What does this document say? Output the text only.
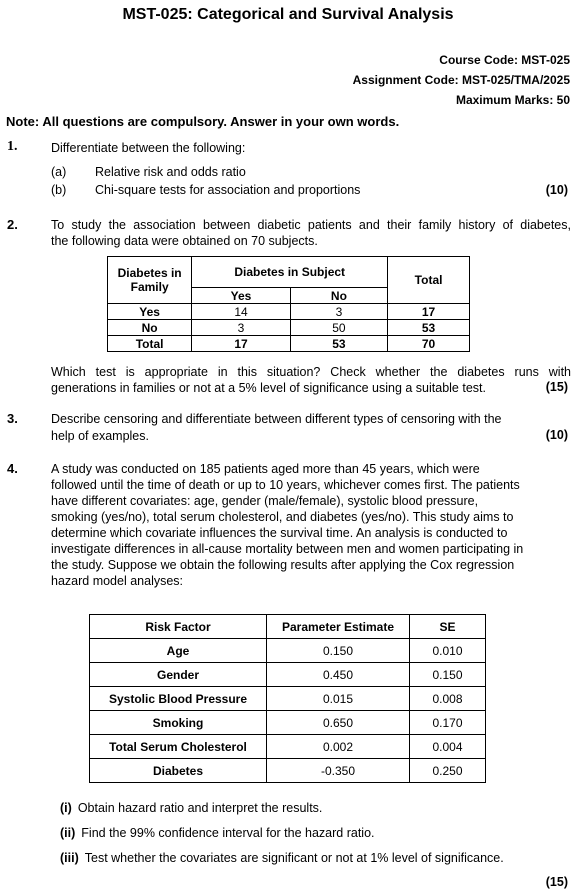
MST-025: Categorical and Survival Analysis
Course Code: MST-025
Assignment Code: MST-025/TMA/2025
Maximum Marks: 50
Note: All questions are compulsory. Answer in your own words.
1.	Differentiate between the following:
(a) Relative risk and odds ratio
(b) Chi-square tests for association and proportions	(10)
2.	To study the association between diabetic patients and their family history of diabetes,
the following data were obtained on 70 subjects.
Diabetes in Family	Diabetes in Subject		Total
	Yes	No	
Yes	14	3	17
No	3	50	53
Total	17	53	70
Which test is appropriate in this situation? Check whether the diabetes runs with
generations in families or not at a 5% level of significance using a suitable test.	(15)
3.	Describe censoring and differentiate between different types of censoring with the
help of examples.	(10)
4.	A study was conducted on 185 patients aged more than 45 years, which were
followed until the time of death or up to 10 years, whichever comes first. The patients
have different covariates: age, gender (male/female), systolic blood pressure,
smoking (yes/no), total serum cholesterol, and diabetes (yes/no). This study aims to
determine which covariate influences the survival time. An analysis is conducted to
investigate differences in all-cause mortality between men and women participating in
the study. Suppose we obtain the following results after applying the Cox regression
hazard model analyses:
Risk Factor	Parameter Estimate	SE
Age	0.150	0.010
Gender	0.450	0.150
Systolic Blood Pressure	0.015	0.008
Smoking	0.650	0.170
Total Serum Cholesterol	0.002	0.004
Diabetes	-0.350	0.250
(i) Obtain hazard ratio and interpret the results.
(ii) Find the 99% confidence interval for the hazard ratio.
(iii) Test whether the covariates are significant or not at 1% level of significance.
(15)
